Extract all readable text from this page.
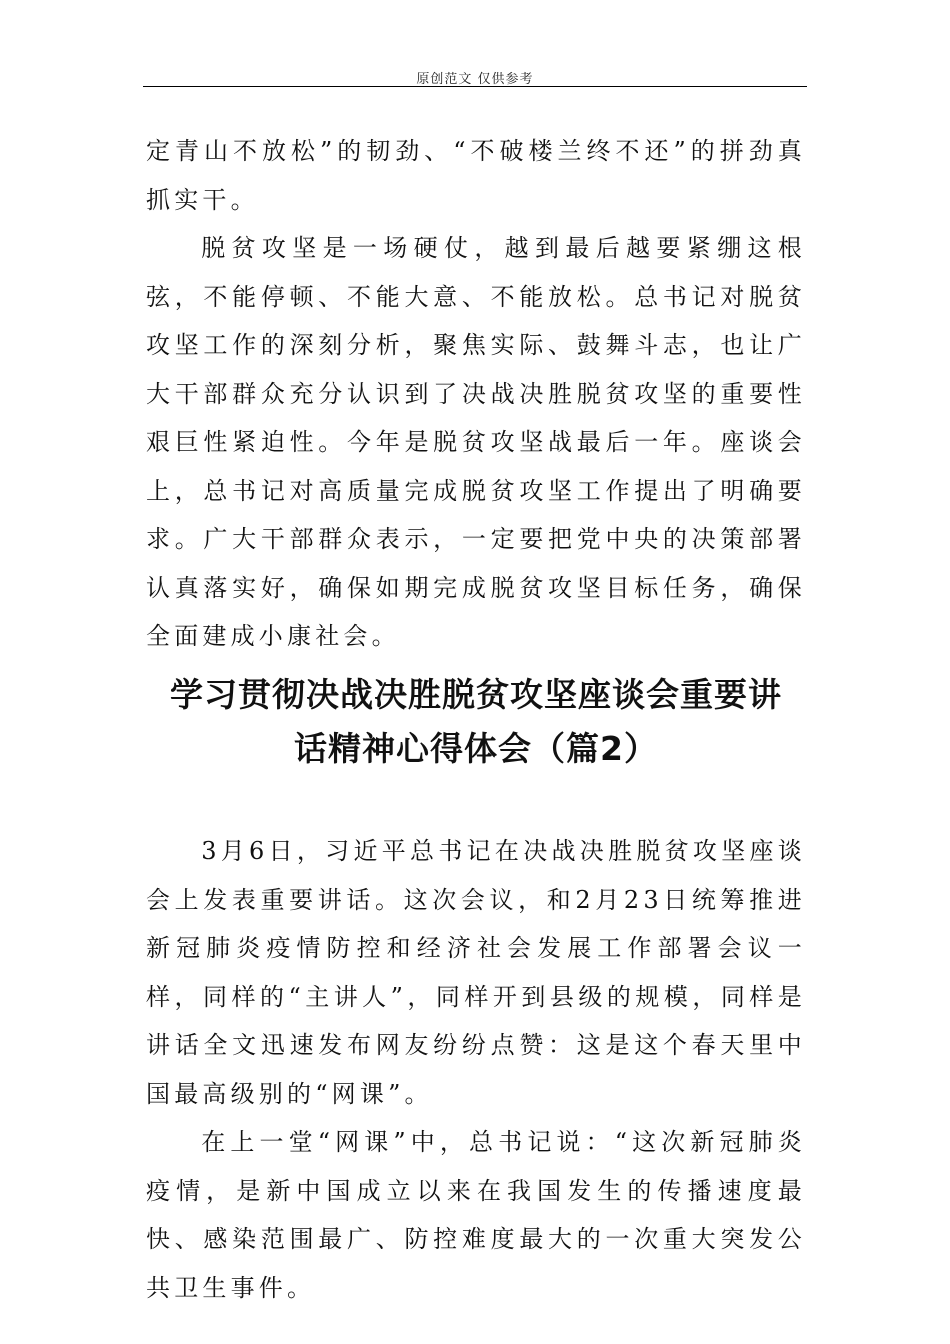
原创范文 仅供参考

定青山不放松”的韧劲、“不破楼兰终不还”的拼劲真抓实干。

脱贫攻坚是一场硬仗，越到最后越要紧绷这根弦，不能停顿、不能大意、不能放松。总书记对脱贫攻坚工作的深刻分析，聚焦实际、鼓舞斗志，也让广大干部群众充分认识到了决战决胜脱贫攻坚的重要性艰巨性紧迫性。今年是脱贫攻坚战最后一年。座谈会上，总书记对高质量完成脱贫攻坚工作提出了明确要求。广大干部群众表示，一定要把党中央的决策部署认真落实好，确保如期完成脱贫攻坚目标任务，确保全面建成小康社会。

学习贯彻决战决胜脱贫攻坚座谈会重要讲
话精神心得体会（篇2）

3月6日，习近平总书记在决战决胜脱贫攻坚座谈会上发表重要讲话。这次会议，和2月23日统筹推进新冠肺炎疫情防控和经济社会发展工作部署会议一样，同样的“主讲人”，同样开到县级的规模，同样是讲话全文迅速发布网友纷纷点赞：这是这个春天里中国最高级别的“网课”。

在上一堂“网课”中，总书记说：“这次新冠肺炎疫情，是新中国成立以来在我国发生的传播速度最快、感染范围最广、防控难度最大的一次重大突发公共卫生事件。
